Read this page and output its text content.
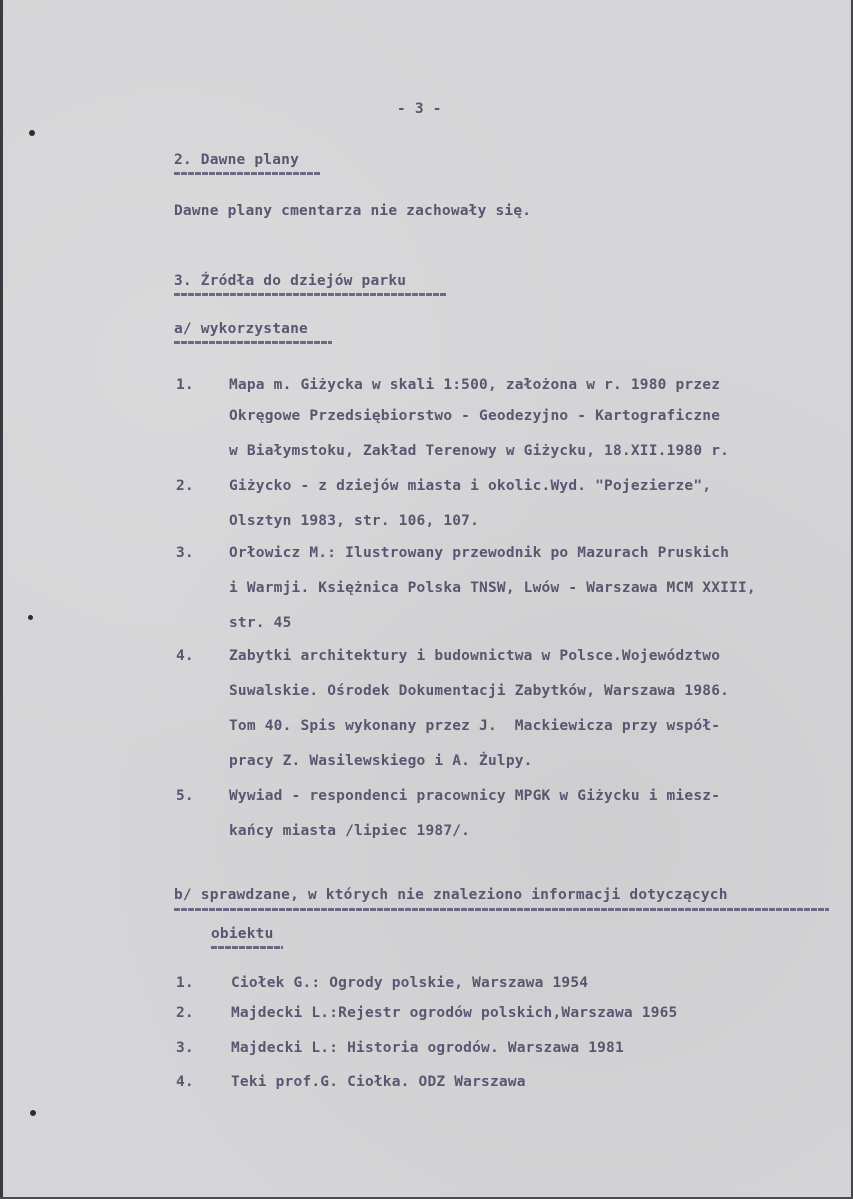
- 3 -
2. Dawne plany
Dawne plany cmentarza nie zachowały się.
3. Źródła do dziejów parku
a/ wykorzystane
1. Mapa m. Giżycka w skali 1:500, założona w r. 1980 przez
Okręgowe Przedsiębiorstwo - Geodezyjno - Kartograficzne
w Białymstoku, Zakład Terenowy w Giżycku, 18.XII.1980 r.
2. Giżycko - z dziejów miasta i okolic.Wyd. "Pojezierze",
Olsztyn 1983, str. 106, 107.
3. Orłowicz M.: Ilustrowany przewodnik po Mazurach Pruskich
i Warmji. Księżnica Polska TNSW, Lwów - Warszawa MCM XXIII,
str. 45
4. Zabytki architektury i budownictwa w Polsce.Województwo
Suwalskie. Ośrodek Dokumentacji Zabytków, Warszawa 1986.
Tom 40. Spis wykonany przez J.  Mackiewicza przy współ-
pracy Z. Wasilewskiego i A. Żulpy.
5. Wywiad - respondenci pracownicy MPGK w Giżycku i miesz-
kańcy miasta /lipiec 1987/.
b/ sprawdzane, w których nie znaleziono informacji dotyczących
obiektu
1.	Ciołek G.: Ogrody polskie, Warszawa 1954
2.	Majdecki L.:Rejestr ogrodów polskich,Warszawa 1965
3.	Majdecki L.: Historia ogrodów. Warszawa 1981
4.	Teki prof.G. Ciołka. ODZ Warszawa
